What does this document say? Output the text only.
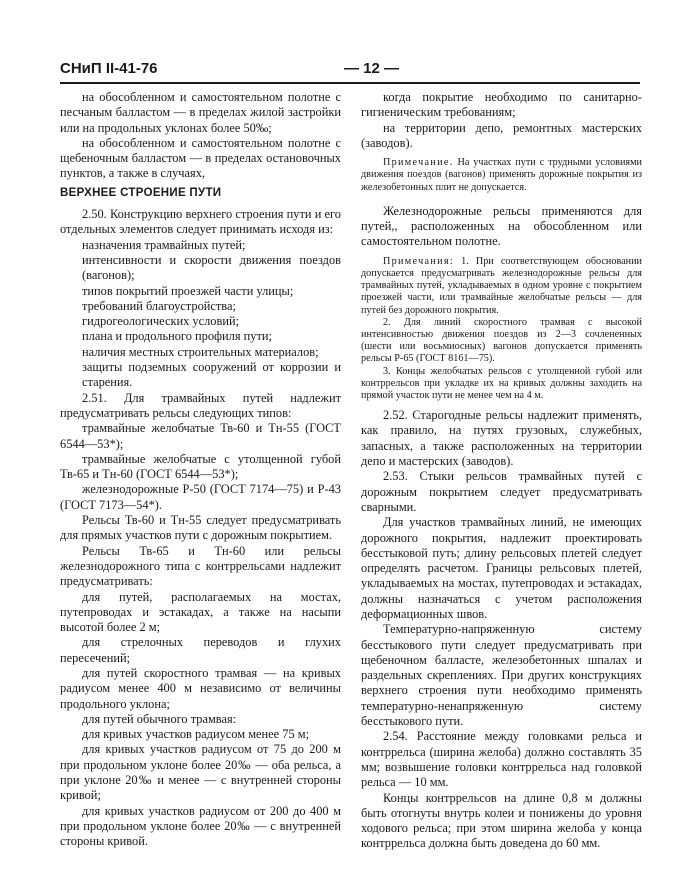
СНиП II-41-76	— 12 —

на обособленном и самостоятельном полотне с песчаным балластом — в пределах жилой застройки или на продольных уклонах более 50‰;

на обособленном и самостоятельном полотне с щебеночным балластом — в пределах остановочных пунктов, а также в случаях,

ВЕРХНЕЕ СТРОЕНИЕ ПУТИ

2.50. Конструкцию верхнего строения пути и его отдельных элементов следует принимать исходя из:

назначения трамвайных путей;

интенсивности и скорости движения поездов (вагонов);

типов покрытий проезжей части улицы;

требований благоустройства;

гидрогеологических условий;

плана и продольного профиля пути;

наличия местных строительных материалов;

защиты подземных сооружений от коррозии и старения.

2.51. Для трамвайных путей надлежит предусматривать рельсы следующих типов:

трамвайные желобчатые Тв-60 и Тн-55 (ГОСТ 6544—53*);

трамвайные желобчатые с утолщенной губой Тв-65 и Тн-60 (ГОСТ 6544—53*);

железнодорожные Р-50 (ГОСТ 7174—75) и Р-43 (ГОСТ 7173—54*).

Рельсы Тв-60 и Тн-55 следует предусматривать для прямых участков пути с дорожным покрытием.

Рельсы Тв-65 и Тн-60 или рельсы железнодорожного типа с контррельсами надлежит предусматривать:

для путей, располагаемых на мостах, путепроводах и эстакадах, а также на насыпи высотой более 2 м;

для стрелочных переводов и глухих пересечений;

для путей скоростного трамвая — на кривых радиусом менее 400 м независимо от величины продольного уклона;

для путей обычного трамвая:

для кривых участков радиусом менее 75 м;

для кривых участков радиусом от 75 до 200 м при продольном уклоне более 20‰ — оба рельса, а при уклоне 20‰ и менее — с внутренней стороны кривой;

для кривых участков радиусом от 200 до 400 м при продольном уклоне более 20‰ — с внутренней стороны кривой.

когда покрытие необходимо по санитарно-гигиеническим требованиям;

на территории депо, ремонтных мастерских (заводов).

Примечание. На участках пути с трудными условиями движения поездов (вагонов) применять дорожные покрытия из железобетонных плит не допускается.

Железнодорожные рельсы применяются для путей,, расположенных на обособленном или самостоятельном полотне.

Примечания: 1. При соответствующем обосновании допускается предусматривать железнодорожные рельсы для трамвайных путей, укладываемых в одном уровне с покрытием проезжей части, или трамвайные желобчатые рельсы — для путей без дорожного покрытия.

2. Для линий скоростного трамвая с высокой интенсивностью движения поездов из 2—3 сочлененных (шести или восьмиосных) вагонов допускается применять рельсы Р-65 (ГОСТ 8161—75).

3. Концы желобчатых рельсов с утолщенной губой или контррельсов при укладке их на кривых должны заходить на прямой участок пути не менее чем на 4 м.

2.52. Старогодные рельсы надлежит применять, как правило, на путях грузовых, служебных, запасных, а также расположенных на территории депо и мастерских (заводов).

2.53. Стыки рельсов трамвайных путей с дорожным покрытием следует предусматривать сварными.

Для участков трамвайных линий, не имеющих дорожного покрытия, надлежит проектировать бесстыковой путь; длину рельсовых плетей следует определять расчетом. Границы рельсовых плетей, укладываемых на мостах, путепроводах и эстакадах, должны назначаться с учетом расположения деформационных швов.

Температурно-напряженную систему бесстыкового пути следует предусматривать при щебеночном балласте, железобетонных шпалах и раздельных скреплениях. При других конструкциях верхнего строения пути необходимо применять температурно-ненапряженную систему бесстыкового пути.

2.54. Расстояние между головками рельса и контррельса (ширина желоба) должно составлять 35 мм; возвышение головки контррельса над головкой рельса — 10 мм.

Концы контррельсов на длине 0,8 м должны быть отогнуты внутрь колеи и понижены до уровня ходового рельса; при этом ширина желоба у конца контррельса должна быть доведена до 60 мм.
